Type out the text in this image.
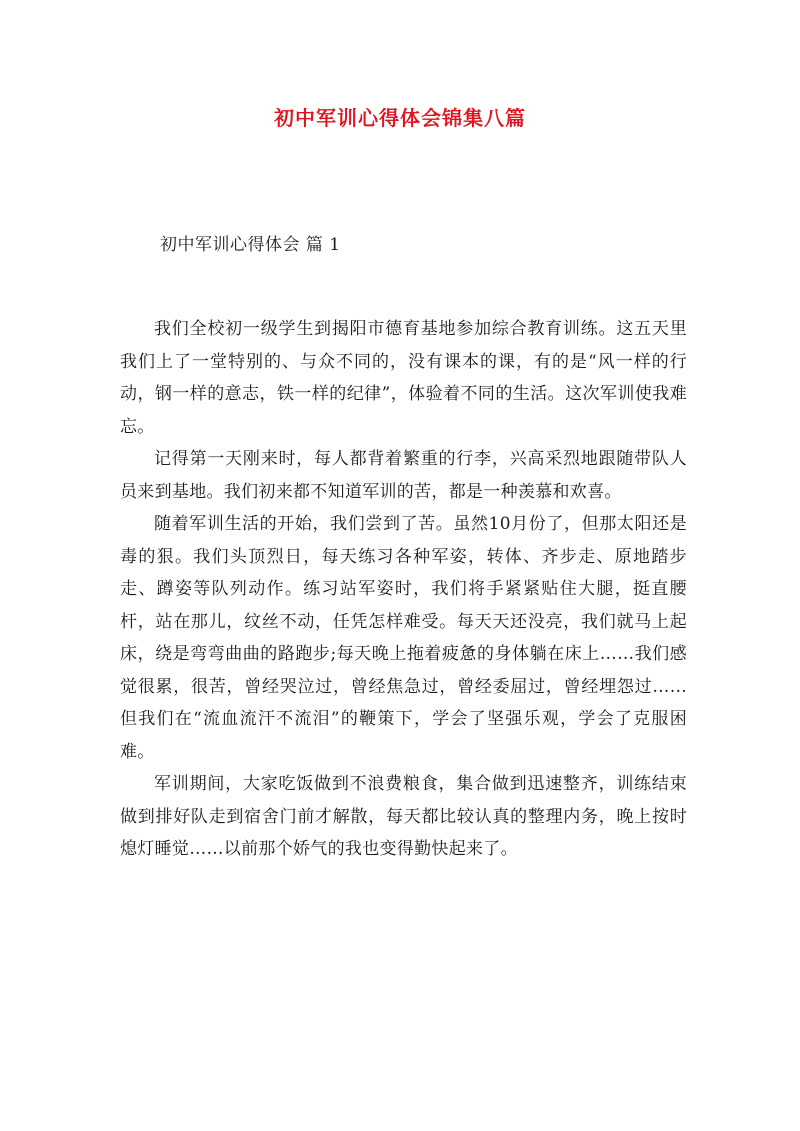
初中军训心得体会锦集八篇
初中军训心得体会 篇 1

我们全校初一级学生到揭阳市德育基地参加综合教育训练。这五天里我们上了一堂特别的、与众不同的，没有课本的课，有的是“风一样的行动，钢一样的意志，铁一样的纪律”，体验着不同的生活。这次军训使我难忘。

记得第一天刚来时，每人都背着繁重的行李，兴高采烈地跟随带队人员来到基地。我们初来都不知道军训的苦，都是一种羡慕和欢喜。

随着军训生活的开始，我们尝到了苦。虽然10月份了，但那太阳还是毒的狠。我们头顶烈日，每天练习各种军姿，转体、齐步走、原地踏步走、蹲姿等队列动作。练习站军姿时，我们将手紧紧贴住大腿，挺直腰杆，站在那儿，纹丝不动，任凭怎样难受。每天天还没亮，我们就马上起床，绕是弯弯曲曲的路跑步;每天晚上拖着疲惫的身体躺在床上……我们感觉很累，很苦，曾经哭泣过，曾经焦急过，曾经委屈过，曾经埋怨过……但我们在“流血流汗不流泪”的鞭策下，学会了坚强乐观，学会了克服困难。

军训期间，大家吃饭做到不浪费粮食，集合做到迅速整齐，训练结束做到排好队走到宿舍门前才解散，每天都比较认真的整理内务，晚上按时熄灯睡觉……以前那个娇气的我也变得勤快起来了。
